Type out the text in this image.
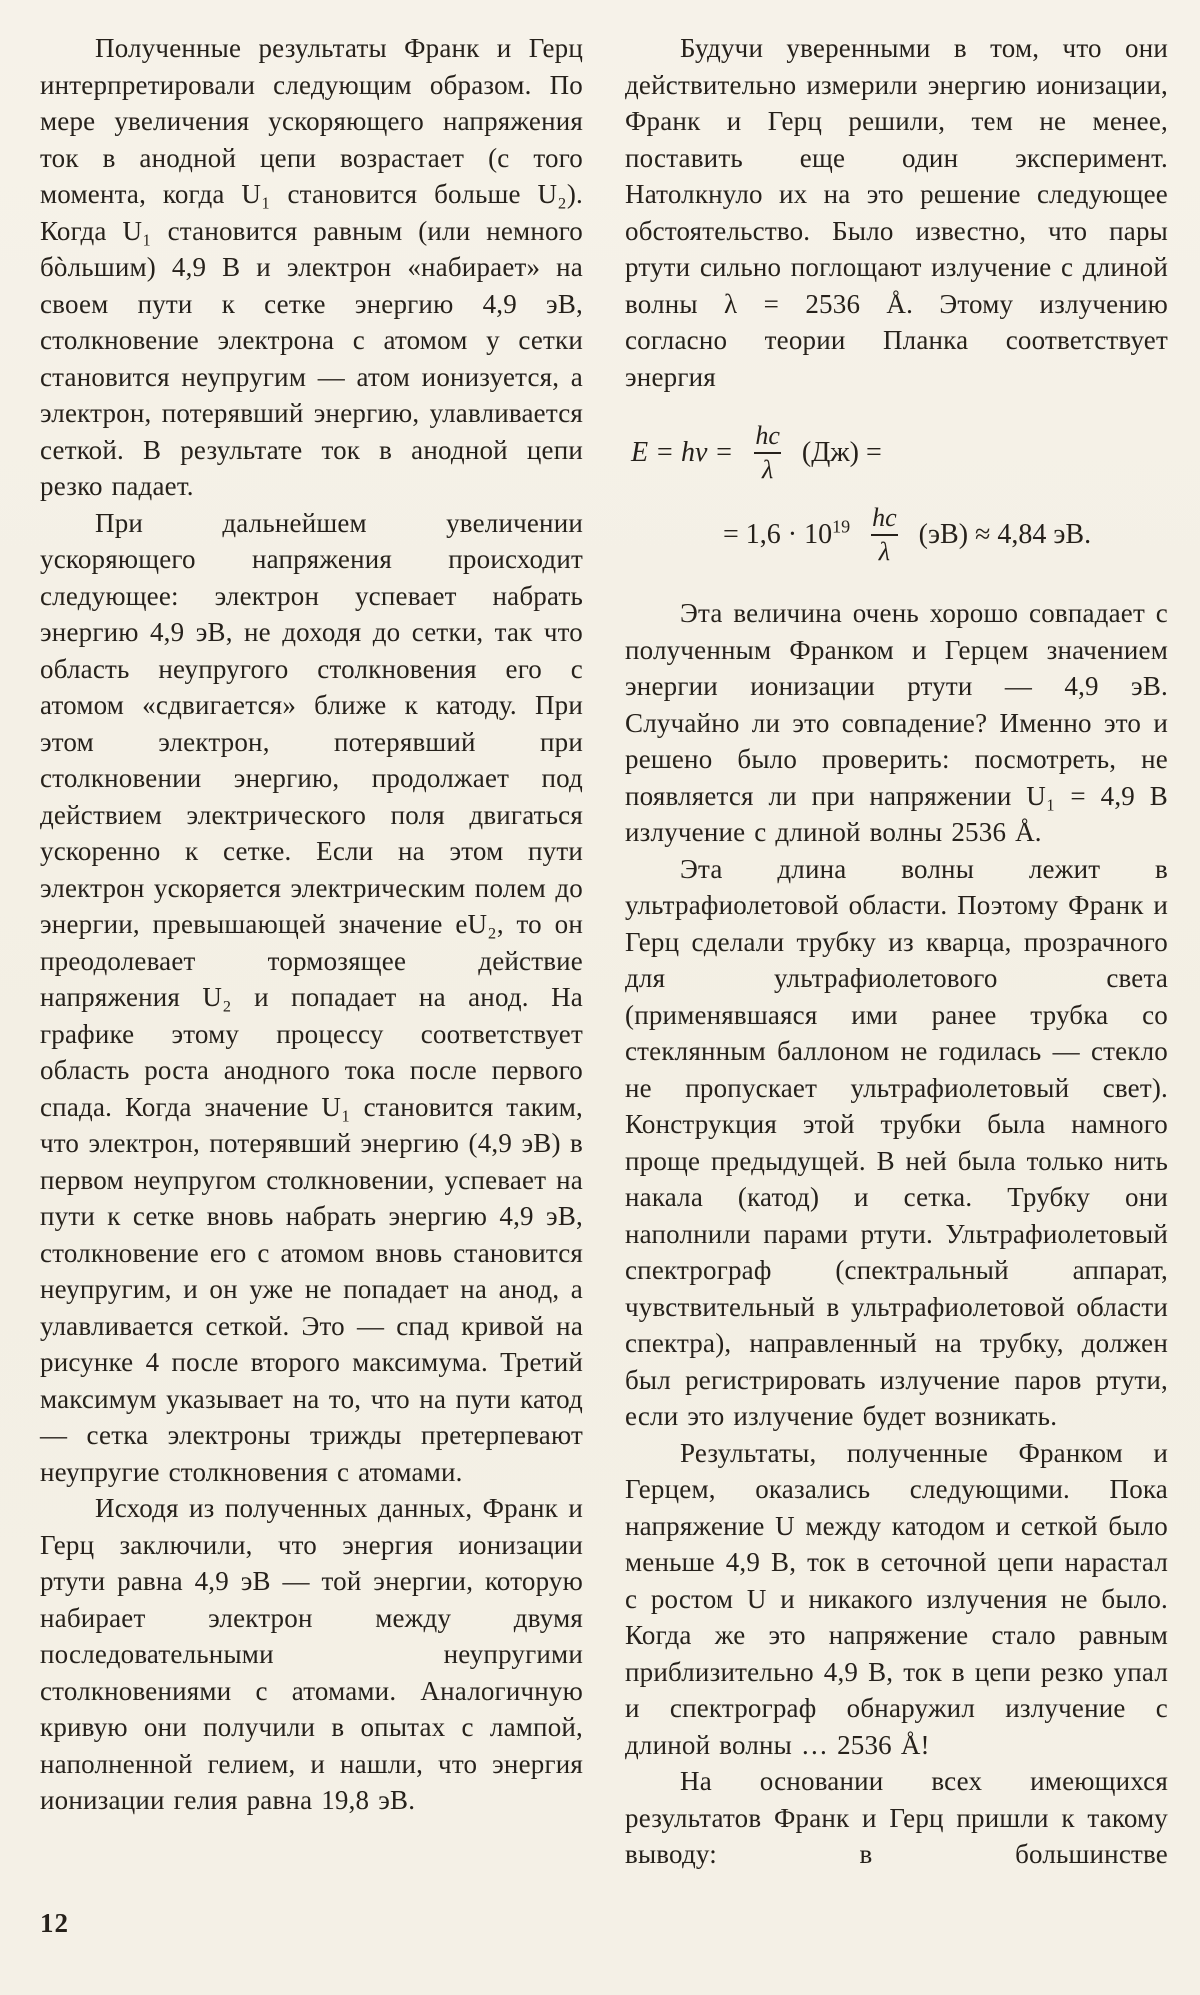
Полученные результаты Франк и Герц интерпретировали следующим образом. По мере увеличения ускоряющего напряжения ток в анодной цепи возрастает (с того момента, когда U₁ становится больше U₂). Когда U₁ становится равным (или немного бòльшим) 4,9 В и электрон «набирает» на своем пути к сетке энергию 4,9 эВ, столкновение электрона с атомом у сетки становится неупругим — атом ионизуется, а электрон, потерявший энергию, улавливается сеткой. В результате ток в анодной цепи резко падает.

При дальнейшем увеличении ускоряющего напряжения происходит следующее: электрон успевает набрать энергию 4,9 эВ, не доходя до сетки, так что область неупругого столкновения его с атомом «сдвигается» ближе к катоду. При этом электрон, потерявший при столкновении энергию, продолжает под действием электрического поля двигаться ускоренно к сетке. Если на этом пути электрон ускоряется электрическим полем до энергии, превышающей значение eU₂, то он преодолевает тормозящее действие напряжения U₂ и попадает на анод. На графике этому процессу соответствует область роста анодного тока после первого спада. Когда значение U₁ становится таким, что электрон, потерявший энергию (4,9 эВ) в первом неупругом столкновении, успевает на пути к сетке вновь набрать энергию 4,9 эВ, столкновение его с атомом вновь становится неупругим, и он уже не попадает на анод, а улавливается сеткой. Это — спад кривой на рисунке 4 после второго максимума. Третий максимум указывает на то, что на пути катод — сетка электроны трижды претерпевают неупругие столкновения с атомами.

Исходя из полученных данных, Франк и Герц заключили, что энергия ионизации ртути равна 4,9 эВ — той энергии, которую набирает электрон между двумя последовательными неупругими столкновениями с атомами. Аналогичную кривую они получили в опытах с лампой, наполненной гелием, и нашли, что энергия ионизации гелия равна 19,8 эВ.

Будучи уверенными в том, что они действительно измерили энергию ионизации, Франк и Герц решили, тем не менее, поставить еще один эксперимент. Натолкнуло их на это решение следующее обстоятельство. Было известно, что пары ртути сильно поглощают излучение с длиной волны λ = 2536 Å. Этому излучению согласно теории Планка соответствует энергия

$E = h\nu = \frac{hc}{\lambda} (Дж)$ =
= $1,6 \cdot 10^{19} \frac{hc}{\lambda} (эВ) \approx 4,84$ эВ.

Эта величина очень хорошо совпадает с полученным Франком и Герцем значением энергии ионизации ртути — 4,9 эВ. Случайно ли это совпадение? Именно это и решено было проверить: посмотреть, не появляется ли при напряжении U₁ = 4,9 В излучение с длиной волны 2536 Å.

Эта длина волны лежит в ультрафиолетовой области. Поэтому Франк и Герц сделали трубку из кварца, прозрачного для ультрафиолетового света (применявшаяся ими ранее трубка со стеклянным баллоном не годилась — стекло не пропускает ультрафиолетовый свет). Конструкция этой трубки была намного проще предыдущей. В ней была только нить накала (катод) и сетка. Трубку они наполнили парами ртути. Ультрафиолетовый спектрограф (спектральный аппарат, чувствительный в ультрафиолетовой области спектра), направленный на трубку, должен был регистрировать излучение паров ртути, если это излучение будет возникать.

Результаты, полученные Франком и Герцем, оказались следующими. Пока напряжение U между катодом и сеткой было меньше 4,9 В, ток в сеточной цепи нарастал с ростом U и никакого излучения не было. Когда же это напряжение стало равным приблизительно 4,9 В, ток в цепи резко упал и спектрограф обнаружил излучение с длиной волны … 2536 Å!

На основании всех имеющихся результатов Франк и Герц пришли к такому выводу: в большинстве

12
